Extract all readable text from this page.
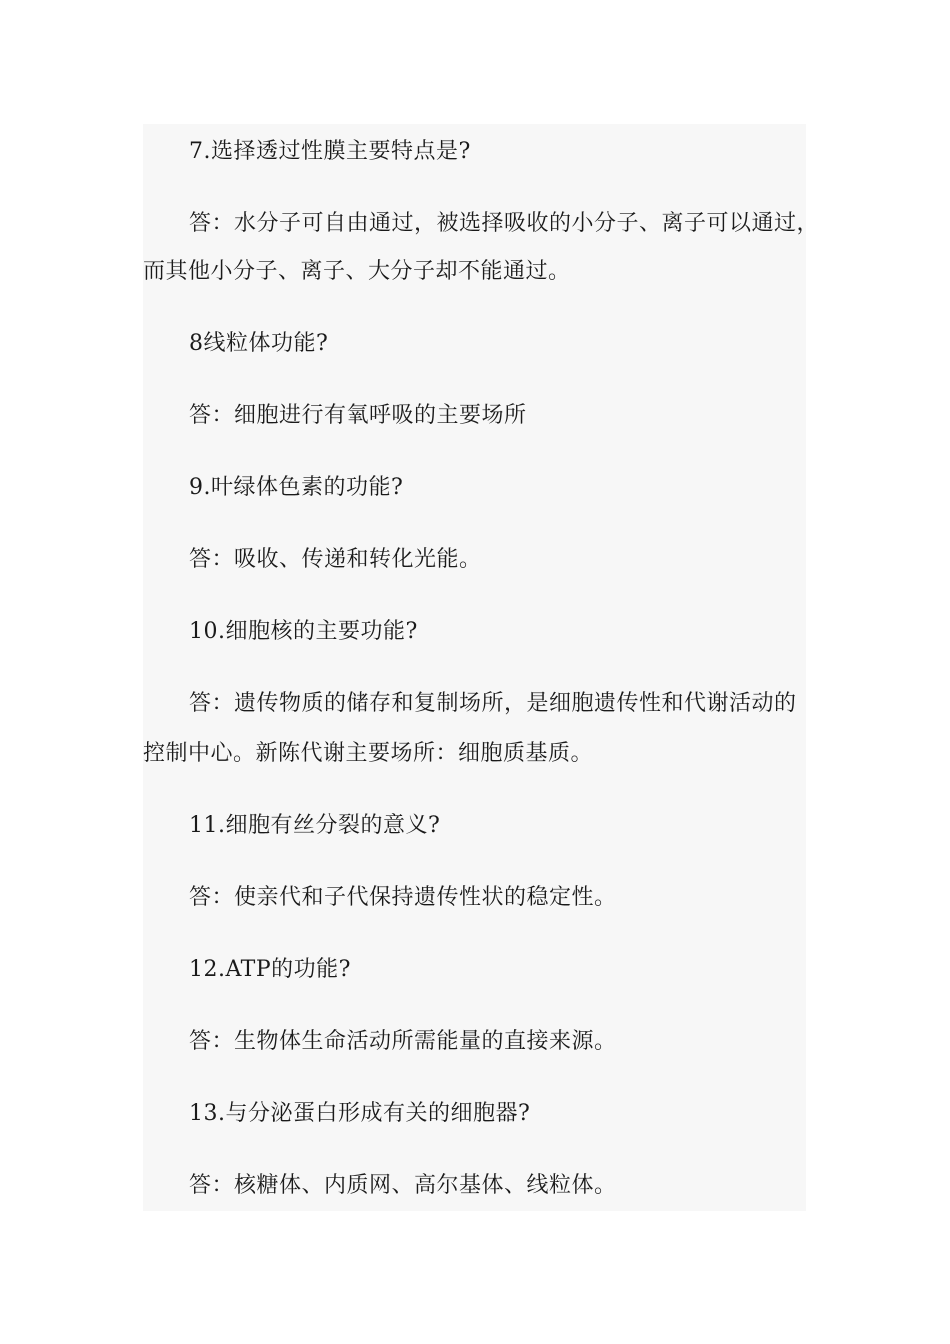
7.选择透过性膜主要特点是?
答：水分子可自由通过，被选择吸收的小分子、离子可以通过，
而其他小分子、离子、大分子却不能通过。
8线粒体功能?
答：细胞进行有氧呼吸的主要场所
9.叶绿体色素的功能?
答：吸收、传递和转化光能。
10.细胞核的主要功能?
答：遗传物质的储存和复制场所，是细胞遗传性和代谢活动的
控制中心。新陈代谢主要场所：细胞质基质。
11.细胞有丝分裂的意义?
答：使亲代和子代保持遗传性状的稳定性。
12.ATP的功能?
答：生物体生命活动所需能量的直接来源。
13.与分泌蛋白形成有关的细胞器?
答：核糖体、内质网、高尔基体、线粒体。
